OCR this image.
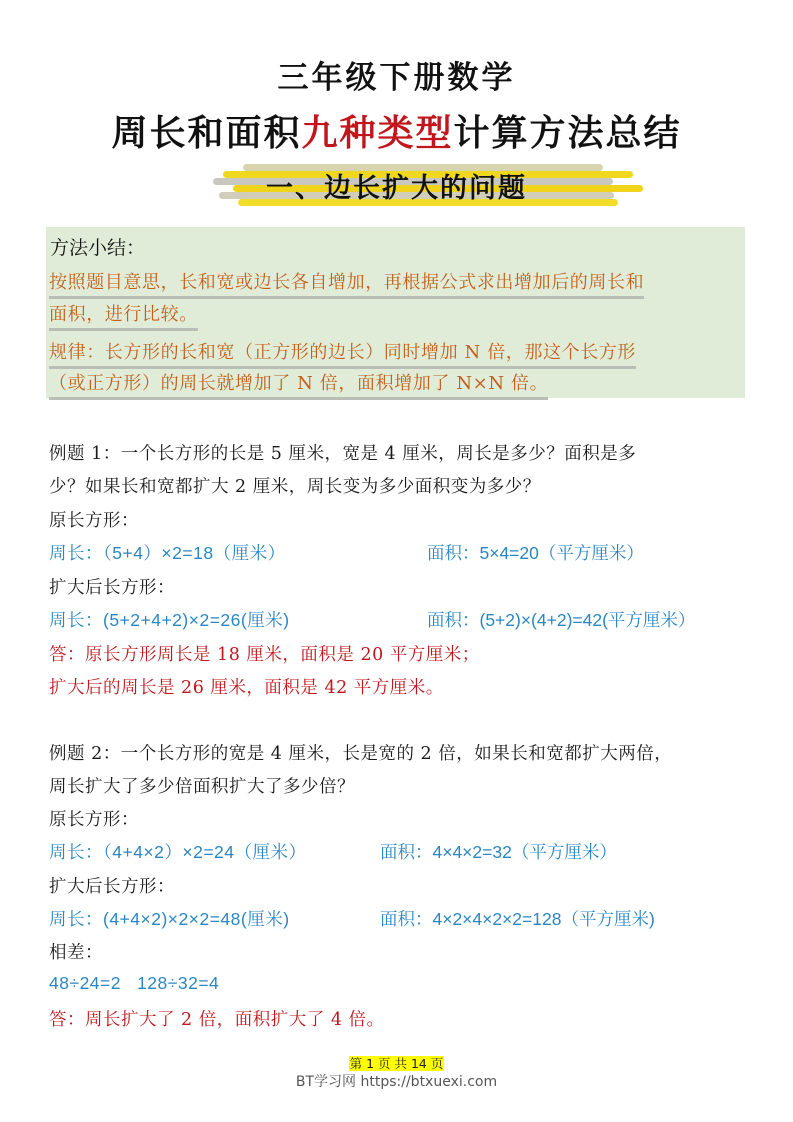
三年级下册数学
周长和面积九种类型计算方法总结
一、边长扩大的问题
方法小结：
按照题目意思，长和宽或边长各自增加，再根据公式求出增加后的周长和
面积，进行比较。
规律：长方形的长和宽（正方形的边长）同时增加 N 倍，那这个长方形
（或正方形）的周长就增加了 N 倍，面积增加了 N×N 倍。
例题 1：一个长方形的长是 5 厘米，宽是 4 厘米，周长是多少？面积是多
少？如果长和宽都扩大 2 厘米，周长变为多少面积变为多少？
原长方形：
周长：（5+4）×2=18（厘米）	面积：5×4=20（平方厘米）
扩大后长方形：
周长：(5+2+4+2)×2=26(厘米)	面积：(5+2)×(4+2)=42(平方厘米）
答：原长方形周长是 18 厘米，面积是 20 平方厘米；
扩大后的周长是 26 厘米，面积是 42 平方厘米。
例题 2：一个长方形的宽是 4 厘米，长是宽的 2 倍，如果长和宽都扩大两倍，
周长扩大了多少倍面积扩大了多少倍？
原长方形：
周长：（4+4×2）×2=24（厘米）	面积：4×4×2=32（平方厘米）
扩大后长方形：
周长：(4+4×2)×2×2=48(厘米)	面积：4×2×4×2×2=128（平方厘米)
相差：
48÷24=2   128÷32=4
答：周长扩大了 2 倍，面积扩大了 4 倍。
第 1 页 共 14 页
BT学习网 https://btxuexi.com
